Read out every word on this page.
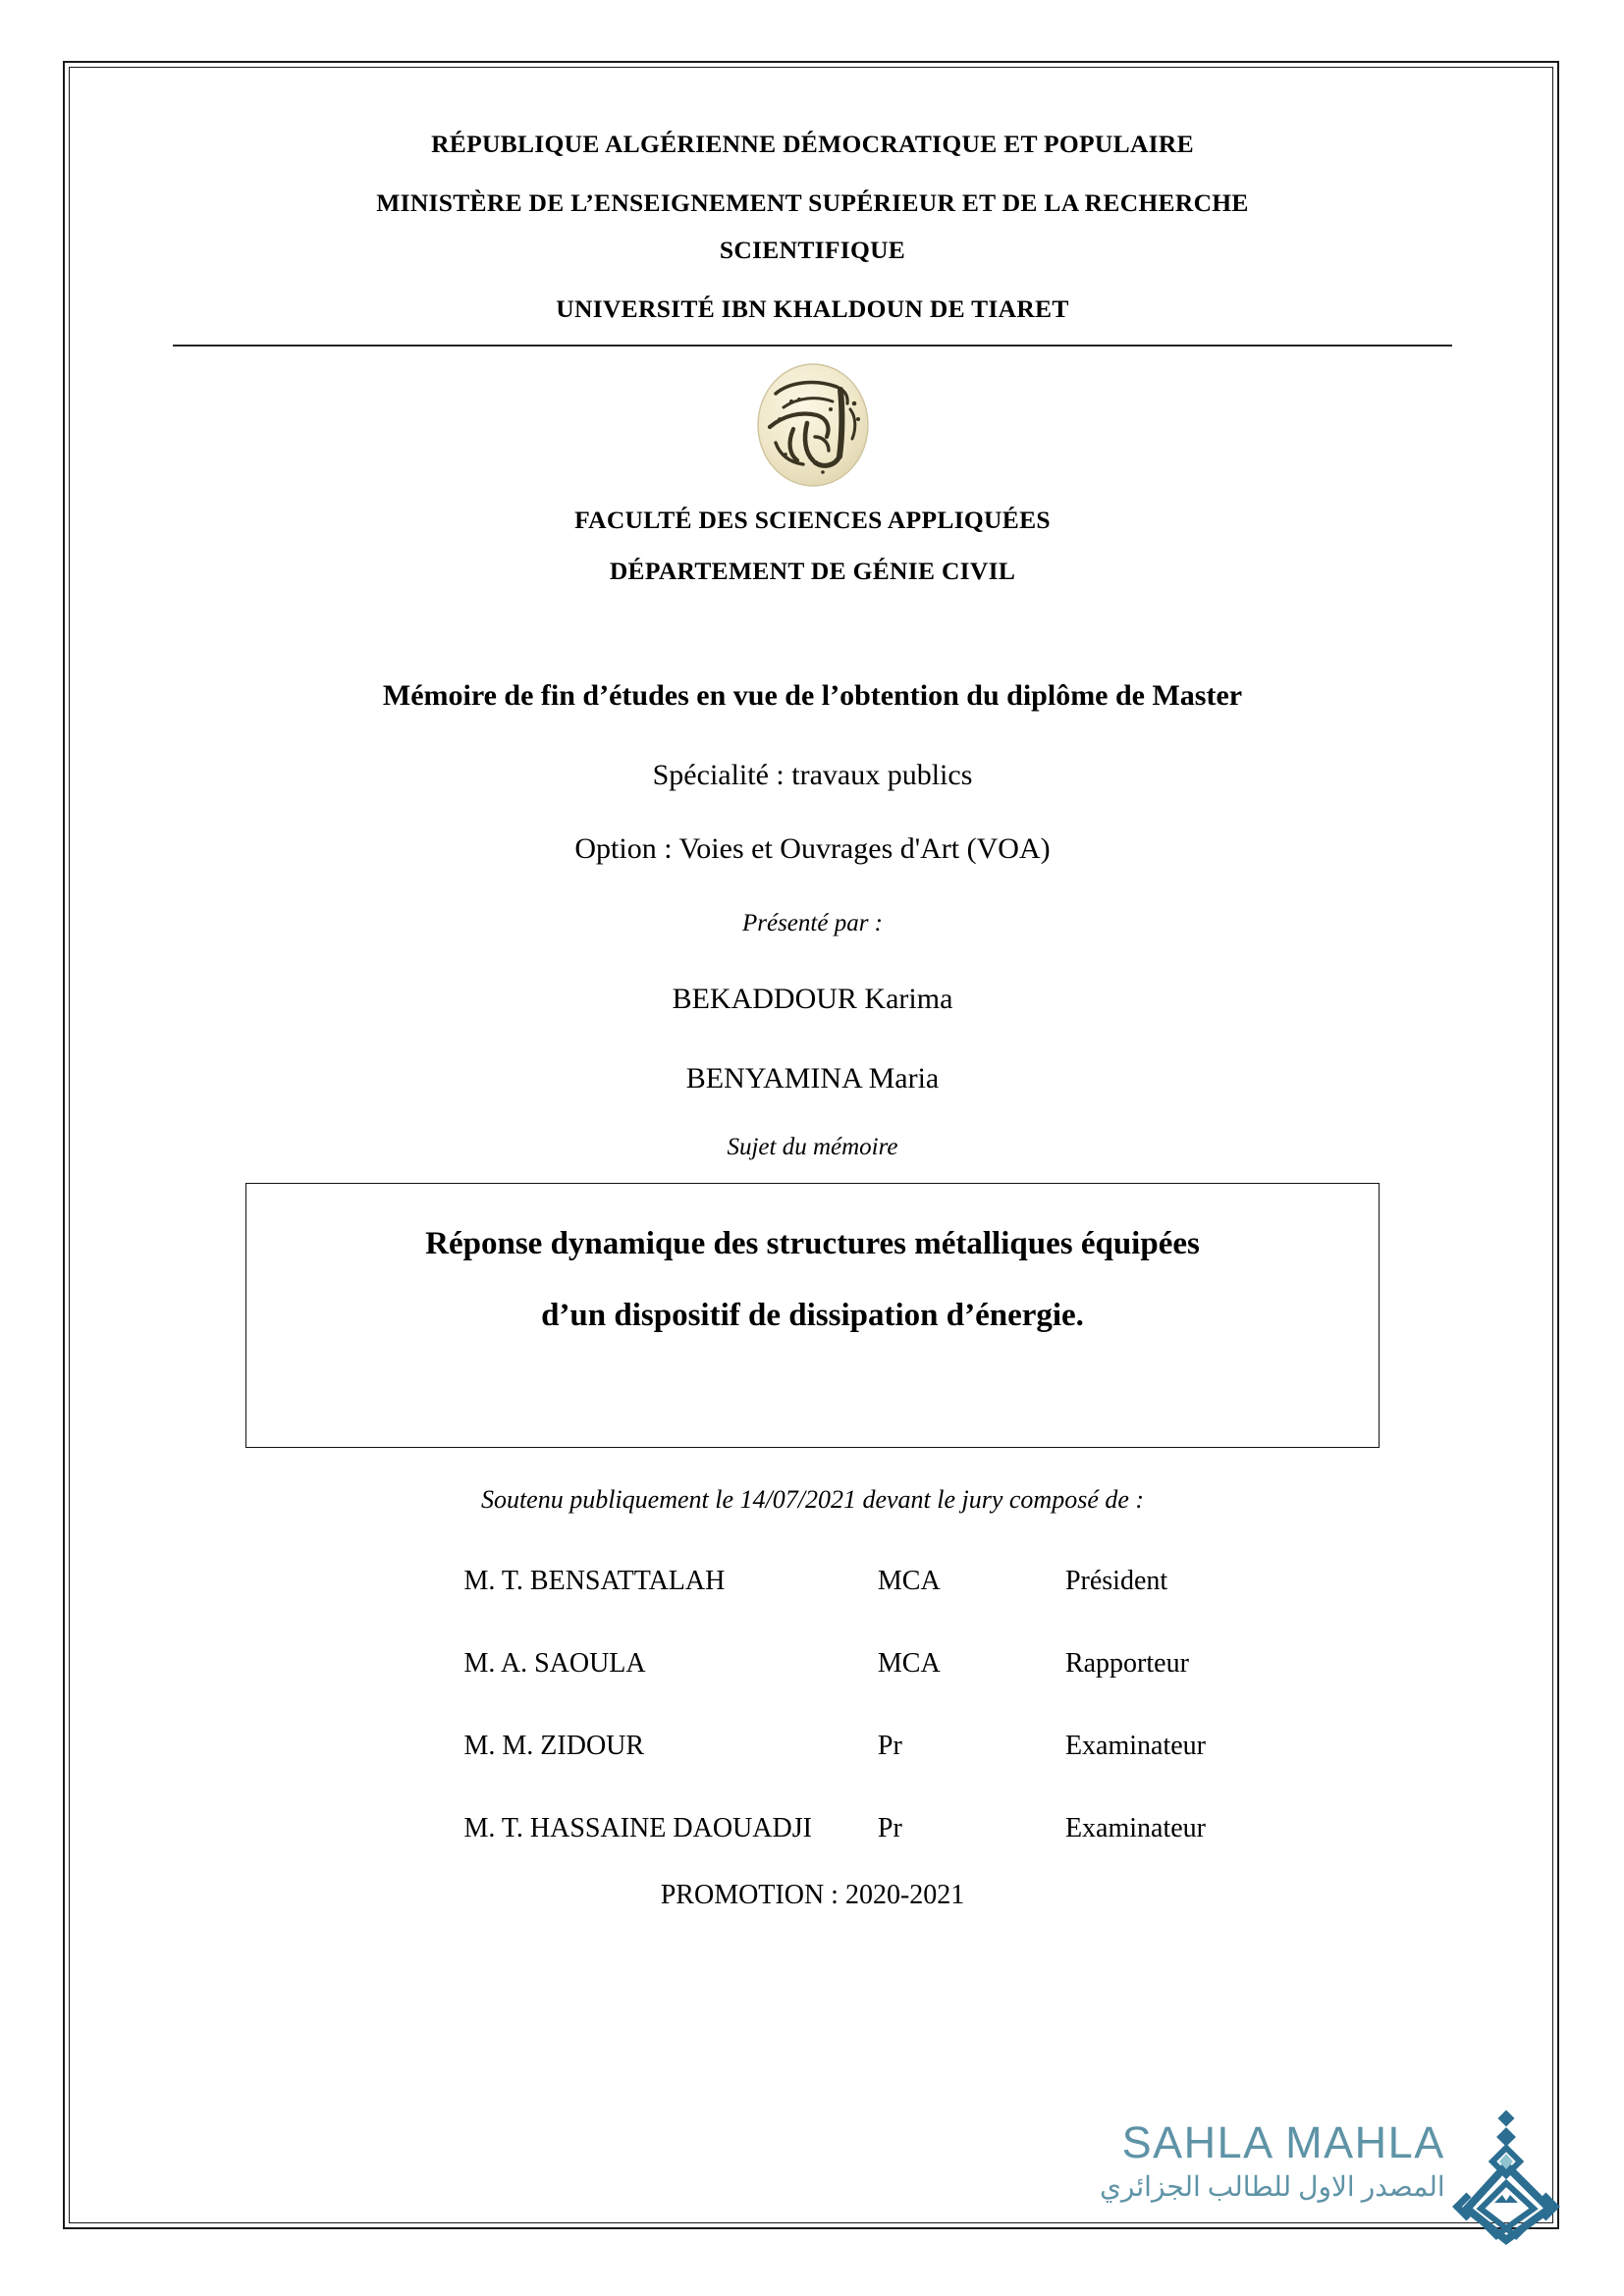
RÉPUBLIQUE ALGÉRIENNE DÉMOCRATIQUE ET POPULAIRE
MINISTÈRE DE L’ENSEIGNEMENT SUPÉRIEUR ET DE LA RECHERCHE
SCIENTIFIQUE
UNIVERSITÉ IBN KHALDOUN DE TIARET
FACULTÉ DES SCIENCES APPLIQUÉES
DÉPARTEMENT DE GÉNIE CIVIL
Mémoire de fin d’études en vue de l’obtention du diplôme de Master
Spécialité : travaux publics
Option : Voies et Ouvrages d'Art (VOA)
Présenté par :
BEKADDOUR Karima
BENYAMINA Maria
Sujet du mémoire
Réponse dynamique des structures métalliques équipées
d’un dispositif de dissipation d’énergie.
Soutenu publiquement le 14/07/2021 devant le jury composé de :
M. T. BENSATTALAH	MCA	Président
M. A. SAOULA	MCA	Rapporteur
M. M. ZIDOUR	Pr	Examinateur
M. T. HASSAINE DAOUADJI	Pr	Examinateur
PROMOTION : 2020-2021
SAHLA MAHLA
المصدر الاول للطالب الجزائري
